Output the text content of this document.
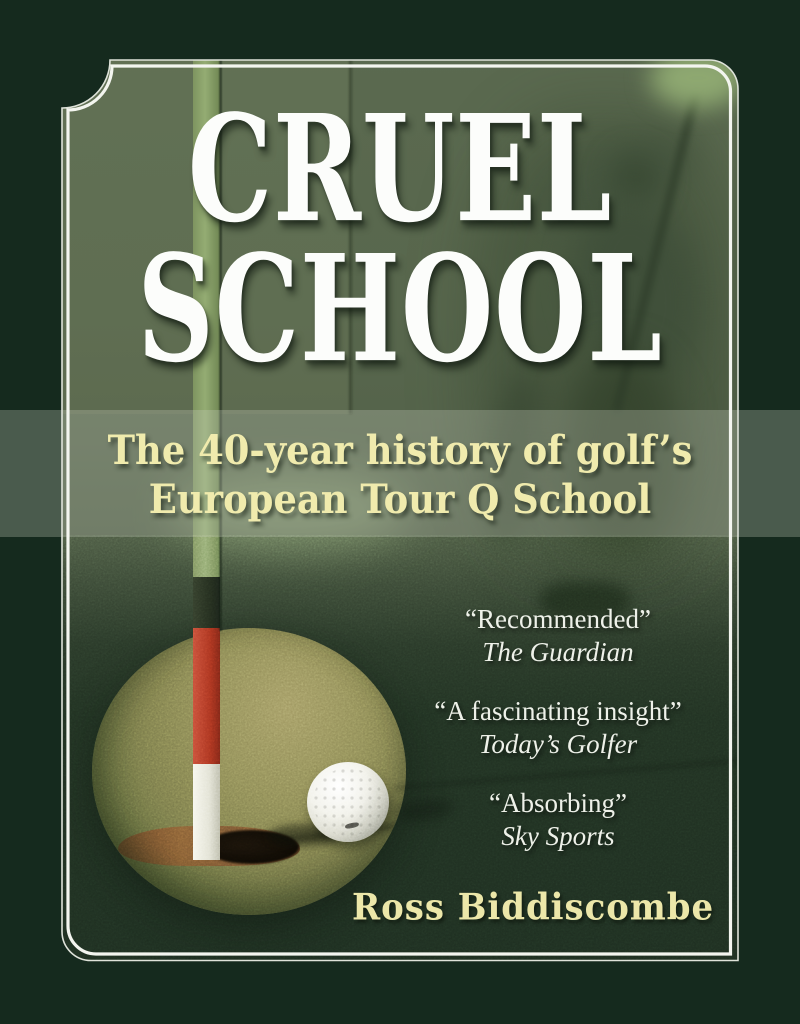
CRUEL
SCHOOL
The 40-year history of golf’s
European Tour Q School
“Recommended”
The Guardian
“A fascinating insight”
Today’s Golfer
“Absorbing”
Sky Sports
Ross Biddiscombe
